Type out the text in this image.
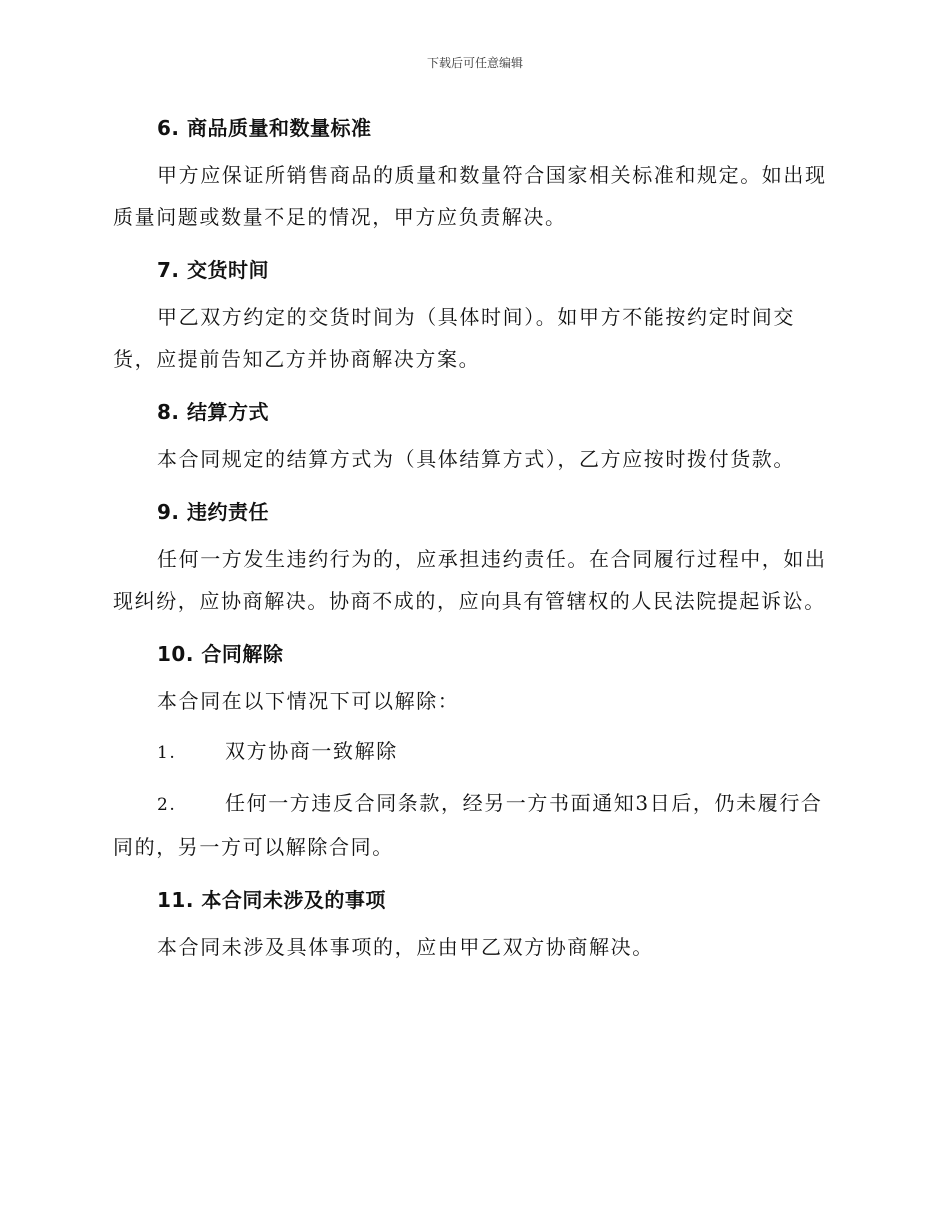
下载后可任意编辑
6. 商品质量和数量标准

甲方应保证所销售商品的质量和数量符合国家相关标准和规定。如出现质量问题或数量不足的情况，甲方应负责解决。

7. 交货时间

甲乙双方约定的交货时间为（具体时间）。如甲方不能按约定时间交货，应提前告知乙方并协商解决方案。

8. 结算方式

本合同规定的结算方式为（具体结算方式），乙方应按时拨付货款。

9. 违约责任

任何一方发生违约行为的，应承担违约责任。在合同履行过程中，如出现纠纷，应协商解决。协商不成的，应向具有管辖权的人民法院提起诉讼。

10. 合同解除

本合同在以下情况下可以解除：

1. 双方协商一致解除

2. 任何一方违反合同条款，经另一方书面通知3日后，仍未履行合同的，另一方可以解除合同。

11. 本合同未涉及的事项

本合同未涉及具体事项的，应由甲乙双方协商解决。
